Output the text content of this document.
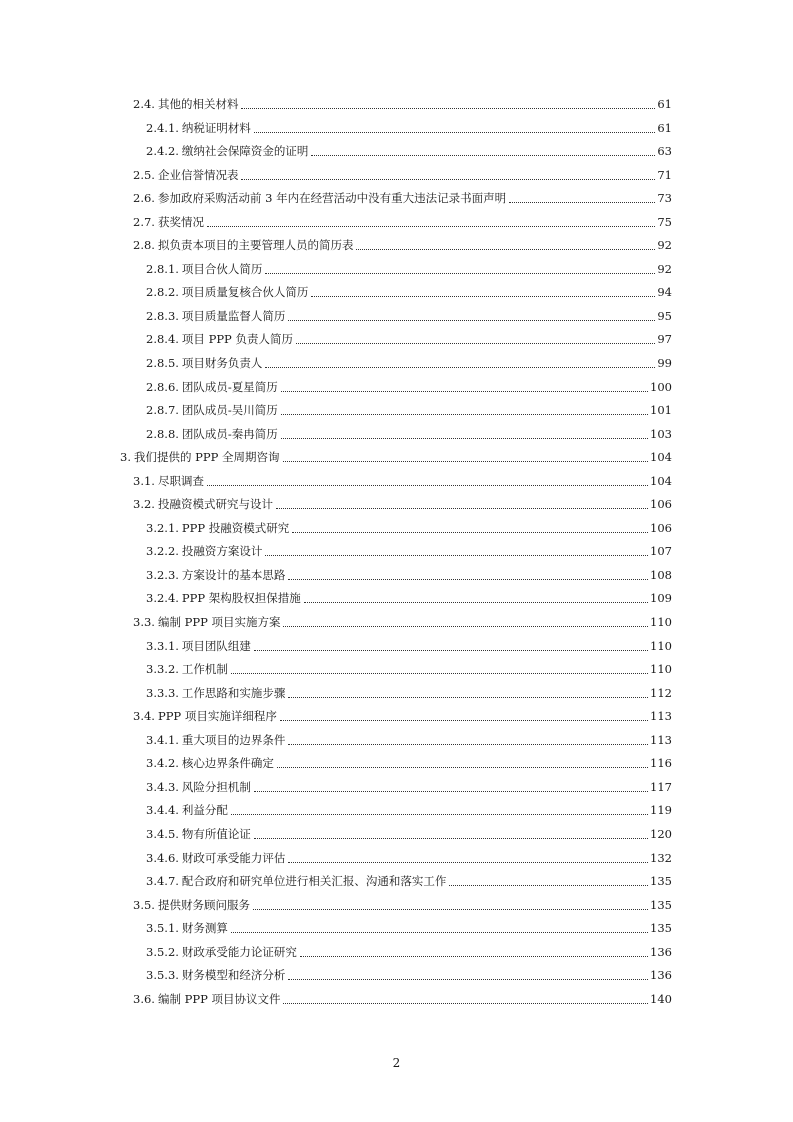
2.4. 其他的相关材料	61
2.4.1. 纳税证明材料	61
2.4.2. 缴纳社会保障资金的证明	63
2.5. 企业信誉情况表	71
2.6. 参加政府采购活动前 3 年内在经营活动中没有重大违法记录书面声明	73
2.7. 获奖情况	75
2.8. 拟负责本项目的主要管理人员的简历表	92
2.8.1. 项目合伙人简历	92
2.8.2. 项目质量复核合伙人简历	94
2.8.3. 项目质量监督人简历	95
2.8.4. 项目 PPP 负责人简历	97
2.8.5. 项目财务负责人	99
2.8.6. 团队成员-夏星简历	100
2.8.7. 团队成员-吴川简历	101
2.8.8. 团队成员-秦冉简历	103
3. 我们提供的 PPP 全周期咨询	104
3.1. 尽职调查	104
3.2. 投融资模式研究与设计	106
3.2.1. PPP 投融资模式研究	106
3.2.2. 投融资方案设计	107
3.2.3. 方案设计的基本思路	108
3.2.4. PPP 架构股权担保措施	109
3.3. 编制 PPP 项目实施方案	110
3.3.1. 项目团队组建	110
3.3.2. 工作机制	110
3.3.3. 工作思路和实施步骤	112
3.4. PPP 项目实施详细程序	113
3.4.1. 重大项目的边界条件	113
3.4.2. 核心边界条件确定	116
3.4.3. 风险分担机制	117
3.4.4. 利益分配	119
3.4.5. 物有所值论证	120
3.4.6. 财政可承受能力评估	132
3.4.7. 配合政府和研究单位进行相关汇报、沟通和落实工作	135
3.5. 提供财务顾问服务	135
3.5.1. 财务测算	135
3.5.2. 财政承受能力论证研究	136
3.5.3. 财务模型和经济分析	136
3.6. 编制 PPP 项目协议文件	140
2
